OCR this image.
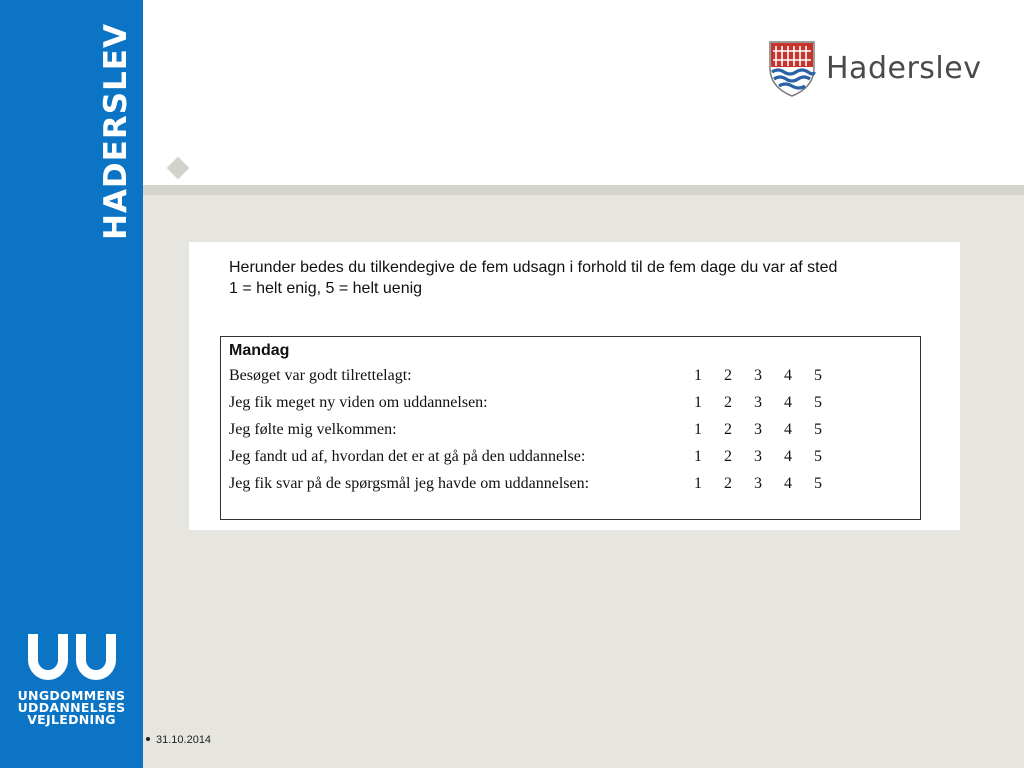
HADERSLEV
UNGDOMMENS
UDDANNELSES
VEJLEDNING
Haderslev
Herunder bedes du tilkendegive de fem udsagn i forhold til de fem dage du var af sted
1 = helt enig, 5 = helt uenig
Mandag
Besøget var godt tilrettelagt:	1 2 3 4 5
Jeg fik meget ny viden om uddannelsen:	1 2 3 4 5
Jeg følte mig velkommen:	1 2 3 4 5
Jeg fandt ud af, hvordan det er at gå på den uddannelse:	1 2 3 4 5
Jeg fik svar på de spørgsmål jeg havde om uddannelsen:	1 2 3 4 5
31.10.2014
